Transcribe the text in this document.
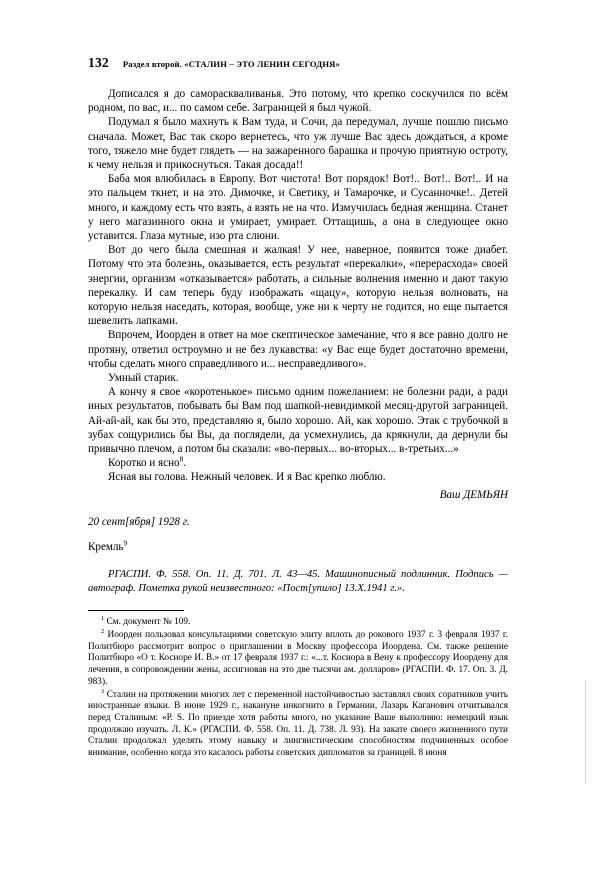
132 Раздел второй. «СТАЛИН – ЭТО ЛЕНИН СЕГОДНЯ»

Дописался я до самораскваливанья. Это потому, что крепко соскучился по всём родном, по вас, и... по самом себе. Заграницей я был чужой.

Подумал я было махнуть к Вам туда, и Сочи, да передумал, лучше пошлю письмо сначала. Может, Вас так скоро вернетесь, что уж лучше Вас здесь дождаться, а кроме того, тяжело мне будет глядеть — на зажаренного барашка и прочую приятную остроту, к чему нельзя и прикоснуться. Такая досада!!

Баба моя влюбилась в Европу. Вот чистота! Вот порядок! Вот!.. Вот!.. Вот!.. И на это пальцем ткнет, и на это. Димочке, и Светику, и Тамарочке, и Сусанночке!.. Детей много, и каждому есть что взять, а взять не на что. Измучилась бедная женщина. Станет у него магазинного окна и умирает, умирает. Оттащишь, а она в следующее окно уставится. Глаза мутные, изо рта слюни.

Вот до чего была смешная и жалкая! У нее, наверное, появится тоже диабет. Потому что эта болезнь, оказывается, есть результат «перекалки», «перерасхода» своей энергии, организм «отказывается» работать, а сильные волнения именно и дают такую перекалку. И сам теперь буду изображать «щацу», которую нельзя волновать, на которую нельзя наседать, которая, вообще, уже ни к черту не годится, но еще пытается шевелить лапками.

Впрочем, Иоорден в ответ на мое скептическое замечание, что я все равно долго не протяну, ответил остроумно и не без лукавства: «у Вас еще будет достаточно времени, чтобы сделать много справедливого и... несправедливого».

Умный старик.

А кончу я свое «коротенькое» письмо одним пожеланием: не болезни ради, а ради иных результатов, побывать бы Вам под шапкой-невидимкой месяц-другой заграницей. Ай-ай-ай, как бы это, представляю я, было хорошо. Ай, как хорошо. Этак с трубочкой в зубах сощурились бы Вы, да поглядели, да усмехнулись, да крякнули, да дернули бы привычно плечом, а потом бы сказали: «во-первых... во-вторых... в-третьих...»

Коротко и ясно$^8$.

Ясная вы голова. Нежный человек. И я Вас крепко люблю.

Ваш ДЕМЬЯН

20 сент[ября] 1928 г.

Кремль$^9$

РГАСПИ. Ф. 558. Оп. 11. Д. 701. Л. 43—45. Машинописный подлинник. Подпись — автограф. Пометка рукой неизвестного: «Пост[упило] 13.X.1941 г.».

$^1$ См. документ № 109.

$^2$ Иоорден пользовал консультациями советскую элиту вплоть до рокового 1937 г. 3 февраля 1937 г. Политбюро рассмотрит вопрос о приглашении в Москву профессора Иоордена. См. также решение Политбюро «О т. Косиоре И. В.» от 17 февраля 1937 г.: «...т. Косиора в Вену к профессору Иоордену для лечения, в сопровождении жены, ассигновав на это две тысячи ам. долларов» (РГАСПИ. Ф. 17. Оп. 3. Д. 983).

$^3$ Сталин на протяжении многих лет с переменной настойчивостью заставлял своих соратников учить иностранные языки. В июне 1929 г., накануне инкогнито в Германии, Лазарь Каганович отчитывался перед Сталиным: «Р. S. По приезде хотя работы много, но указание Ваше выполняю: немецкий язык продолжаю изучать. Л. К.» (РГАСПИ. Ф. 558. Оп. 11. Д. 738. Л. 93). На закате своего жизненного пути Сталин продолжал уделять этому навыку и лингвистическим способностям подчиненных особое внимание, особенно когда это касалось работы советских дипломатов за границей. 8 июня
